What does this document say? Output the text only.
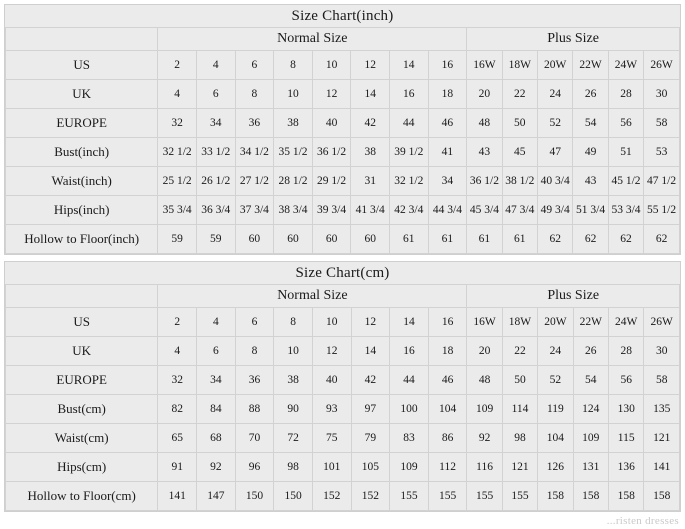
Size Chart(inch)														
	Normal Size								Plus Size					
US	2	4	6	8	10	12	14	16	16W	18W	20W	22W	24W	26W
UK	4	6	8	10	12	14	16	18	20	22	24	26	28	30
EUROPE	32	34	36	38	40	42	44	46	48	50	52	54	56	58
Bust(inch)	32 1/2	33 1/2	34 1/2	35 1/2	36 1/2	38	39 1/2	41	43	45	47	49	51	53
Waist(inch)	25 1/2	26 1/2	27 1/2	28 1/2	29 1/2	31	32 1/2	34	36 1/2	38 1/2	40 3/4	43	45 1/2	47 1/2
Hips(inch)	35 3/4	36 3/4	37 3/4	38 3/4	39 3/4	41 3/4	42 3/4	44 3/4	45 3/4	47 3/4	49 3/4	51 3/4	53 3/4	55 1/2
Hollow to Floor(inch)	59	59	60	60	60	60	61	61	61	61	62	62	62	62
Size Chart(cm)														
	Normal Size								Plus Size					
US	2	4	6	8	10	12	14	16	16W	18W	20W	22W	24W	26W
UK	4	6	8	10	12	14	16	18	20	22	24	26	28	30
EUROPE	32	34	36	38	40	42	44	46	48	50	52	54	56	58
Bust(cm)	82	84	88	90	93	97	100	104	109	114	119	124	130	135
Waist(cm)	65	68	70	72	75	79	83	86	92	98	104	109	115	121
Hips(cm)	91	92	96	98	101	105	109	112	116	121	126	131	136	141
Hollow to Floor(cm)	141	147	150	150	152	152	155	155	155	155	158	158	158	158
...risten dresses
